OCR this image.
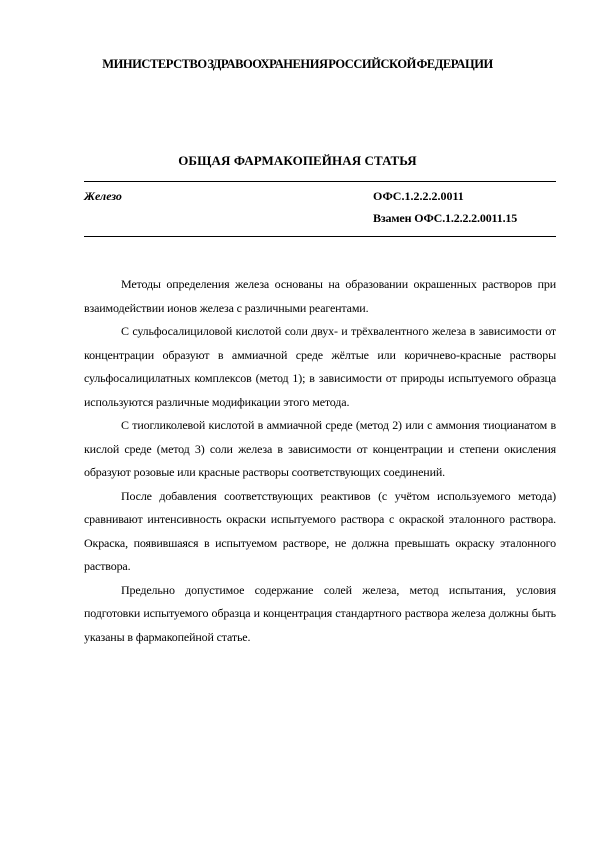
МИНИСТЕРСТВО ЗДРАВООХРАНЕНИЯ РОССИЙСКОЙ ФЕДЕРАЦИИ
ОБЩАЯ ФАРМАКОПЕЙНАЯ СТАТЬЯ
Железо	ОФС.1.2.2.2.0011
Взамен ОФС.1.2.2.2.0011.15

Методы определения железа основаны на образовании окрашенных растворов при взаимодействии ионов железа с различными реагентами.

С сульфосалициловой кислотой соли двух- и трёхвалентного железа в зависимости от концентрации образуют в аммиачной среде жёлтые или коричнево-красные растворы сульфосалицилатных комплексов (метод 1); в зависимости от природы испытуемого образца используются различные модификации этого метода.

С тиогликолевой кислотой в аммиачной среде (метод 2) или с аммония тиоцианатом в кислой среде (метод 3) соли железа в зависимости от концентрации и степени окисления образуют розовые или красные растворы соответствующих соединений.

После добавления соответствующих реактивов (с учётом используемого метода) сравнивают интенсивность окраски испытуемого раствора с окраской эталонного раствора. Окраска, появившаяся в испытуемом растворе, не должна превышать окраску эталонного раствора.

Предельно допустимое содержание солей железа, метод испытания, условия подготовки испытуемого образца и концентрация стандартного раствора железа должны быть указаны в фармакопейной статье.
